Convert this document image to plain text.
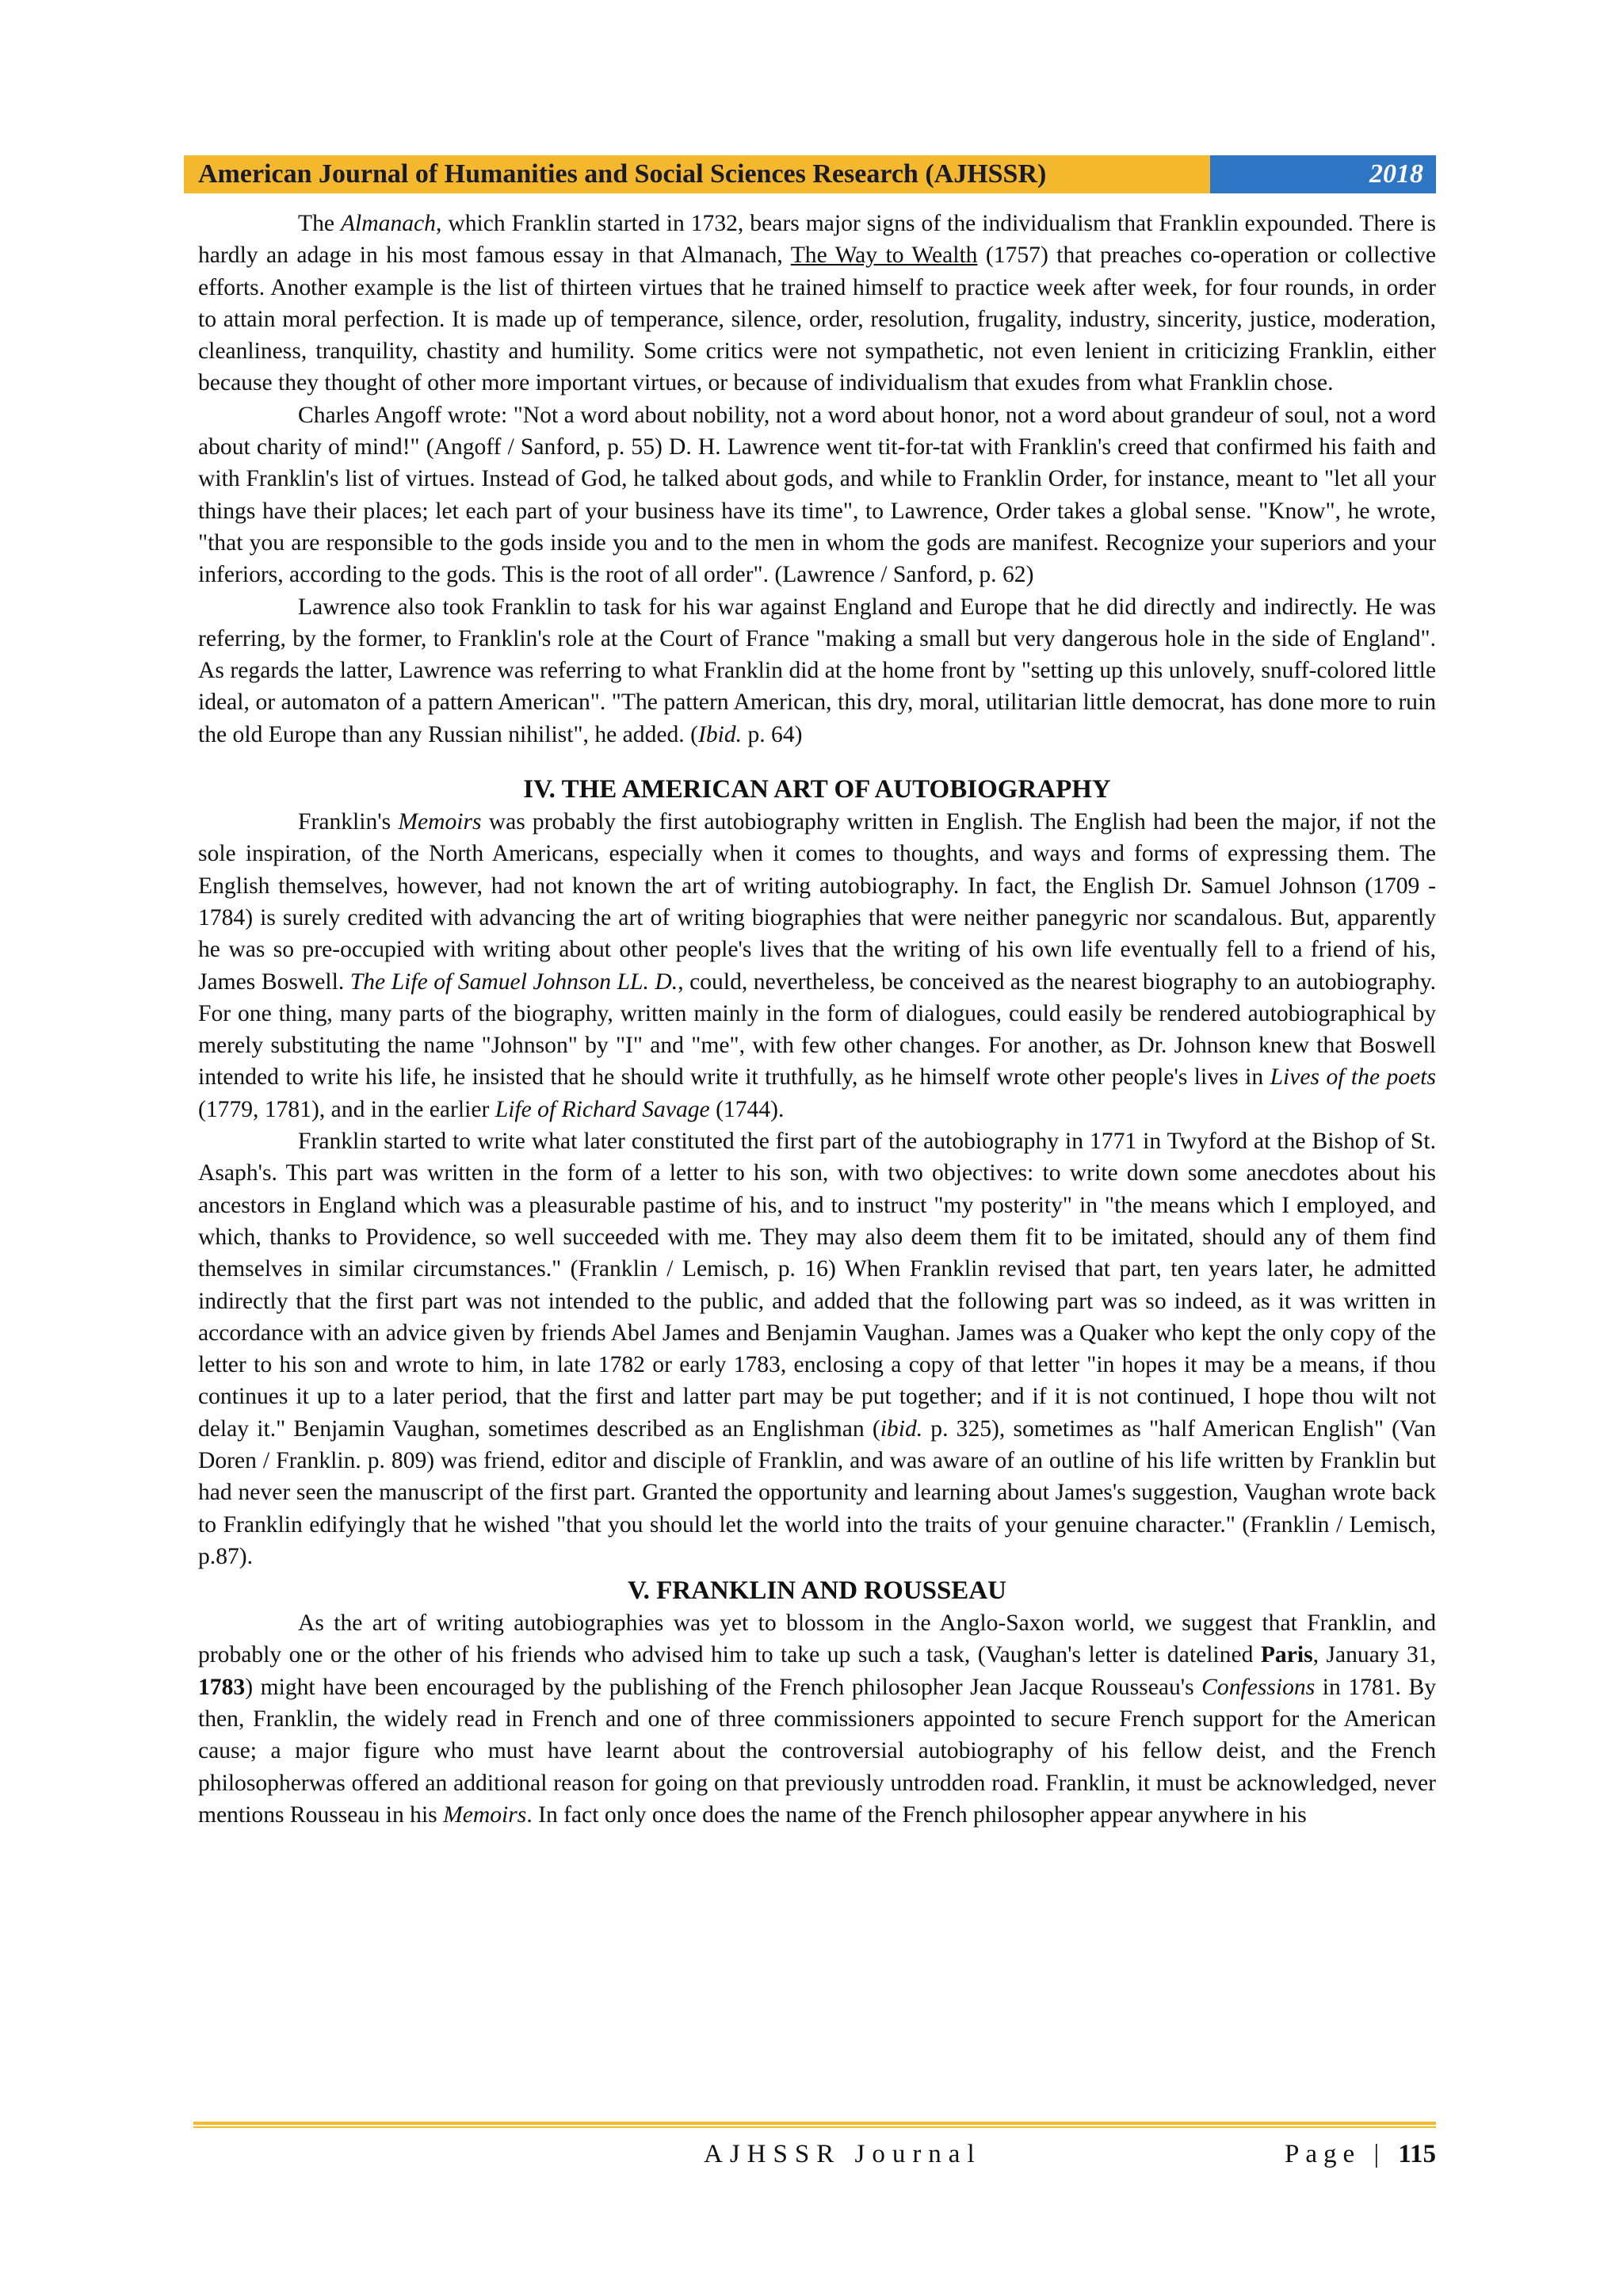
American Journal of Humanities and Social Sciences Research (AJHSSR)	2018

The Almanach, which Franklin started in 1732, bears major signs of the individualism that Franklin expounded. There is hardly an adage in his most famous essay in that Almanach, The Way to Wealth (1757) that preaches co-operation or collective efforts. Another example is the list of thirteen virtues that he trained himself to practice week after week, for four rounds, in order to attain moral perfection. It is made up of temperance, silence, order, resolution, frugality, industry, sincerity, justice, moderation, cleanliness, tranquility, chastity and humility. Some critics were not sympathetic, not even lenient in criticizing Franklin, either because they thought of other more important virtues, or because of individualism that exudes from what Franklin chose.

Charles Angoff wrote: "Not a word about nobility, not a word about honor, not a word about grandeur of soul, not a word about charity of mind!" (Angoff / Sanford, p. 55) D. H. Lawrence went tit-for-tat with Franklin's creed that confirmed his faith and with Franklin's list of virtues. Instead of God, he talked about gods, and while to Franklin Order, for instance, meant to "let all your things have their places; let each part of your business have its time", to Lawrence, Order takes a global sense. "Know", he wrote, "that you are responsible to the gods inside you and to the men in whom the gods are manifest. Recognize your superiors and your inferiors, according to the gods. This is the root of all order". (Lawrence / Sanford, p. 62)

Lawrence also took Franklin to task for his war against England and Europe that he did directly and indirectly. He was referring, by the former, to Franklin's role at the Court of France "making a small but very dangerous hole in the side of England". As regards the latter, Lawrence was referring to what Franklin did at the home front by "setting up this unlovely, snuff-colored little ideal, or automaton of a pattern American". "The pattern American, this dry, moral, utilitarian little democrat, has done more to ruin the old Europe than any Russian nihilist", he added. (Ibid. p. 64)

IV. THE AMERICAN ART OF AUTOBIOGRAPHY

Franklin's Memoirs was probably the first autobiography written in English. The English had been the major, if not the sole inspiration, of the North Americans, especially when it comes to thoughts, and ways and forms of expressing them. The English themselves, however, had not known the art of writing autobiography. In fact, the English Dr. Samuel Johnson (1709 - 1784) is surely credited with advancing the art of writing biographies that were neither panegyric nor scandalous. But, apparently he was so pre-occupied with writing about other people's lives that the writing of his own life eventually fell to a friend of his, James Boswell. The Life of Samuel Johnson LL. D., could, nevertheless, be conceived as the nearest biography to an autobiography. For one thing, many parts of the biography, written mainly in the form of dialogues, could easily be rendered autobiographical by merely substituting the name "Johnson" by "I" and "me", with few other changes. For another, as Dr. Johnson knew that Boswell intended to write his life, he insisted that he should write it truthfully, as he himself wrote other people's lives in Lives of the poets (1779, 1781), and in the earlier Life of Richard Savage (1744).

Franklin started to write what later constituted the first part of the autobiography in 1771 in Twyford at the Bishop of St. Asaph's. This part was written in the form of a letter to his son, with two objectives: to write down some anecdotes about his ancestors in England which was a pleasurable pastime of his, and to instruct "my posterity" in "the means which I employed, and which, thanks to Providence, so well succeeded with me. They may also deem them fit to be imitated, should any of them find themselves in similar circumstances." (Franklin / Lemisch, p. 16) When Franklin revised that part, ten years later, he admitted indirectly that the first part was not intended to the public, and added that the following part was so indeed, as it was written in accordance with an advice given by friends Abel James and Benjamin Vaughan. James was a Quaker who kept the only copy of the letter to his son and wrote to him, in late 1782 or early 1783, enclosing a copy of that letter "in hopes it may be a means, if thou continues it up to a later period, that the first and latter part may be put together; and if it is not continued, I hope thou wilt not delay it." Benjamin Vaughan, sometimes described as an Englishman (ibid. p. 325), sometimes as "half American English" (Van Doren / Franklin. p. 809) was friend, editor and disciple of Franklin, and was aware of an outline of his life written by Franklin but had never seen the manuscript of the first part. Granted the opportunity and learning about James's suggestion, Vaughan wrote back to Franklin edifyingly that he wished "that you should let the world into the traits of your genuine character." (Franklin / Lemisch, p.87).

V. FRANKLIN AND ROUSSEAU

As the art of writing autobiographies was yet to blossom in the Anglo-Saxon world, we suggest that Franklin, and probably one or the other of his friends who advised him to take up such a task, (Vaughan's letter is datelined Paris, January 31, 1783) might have been encouraged by the publishing of the French philosopher Jean Jacque Rousseau's Confessions in 1781. By then, Franklin, the widely read in French and one of three commissioners appointed to secure French support for the American cause; a major figure who must have learnt about the controversial autobiography of his fellow deist, and the French philosopherwas offered an additional reason for going on that previously untrodden road. Franklin, it must be acknowledged, never mentions Rousseau in his Memoirs. In fact only once does the name of the French philosopher appear anywhere in his

AJHSSR Journal	Page | 115
